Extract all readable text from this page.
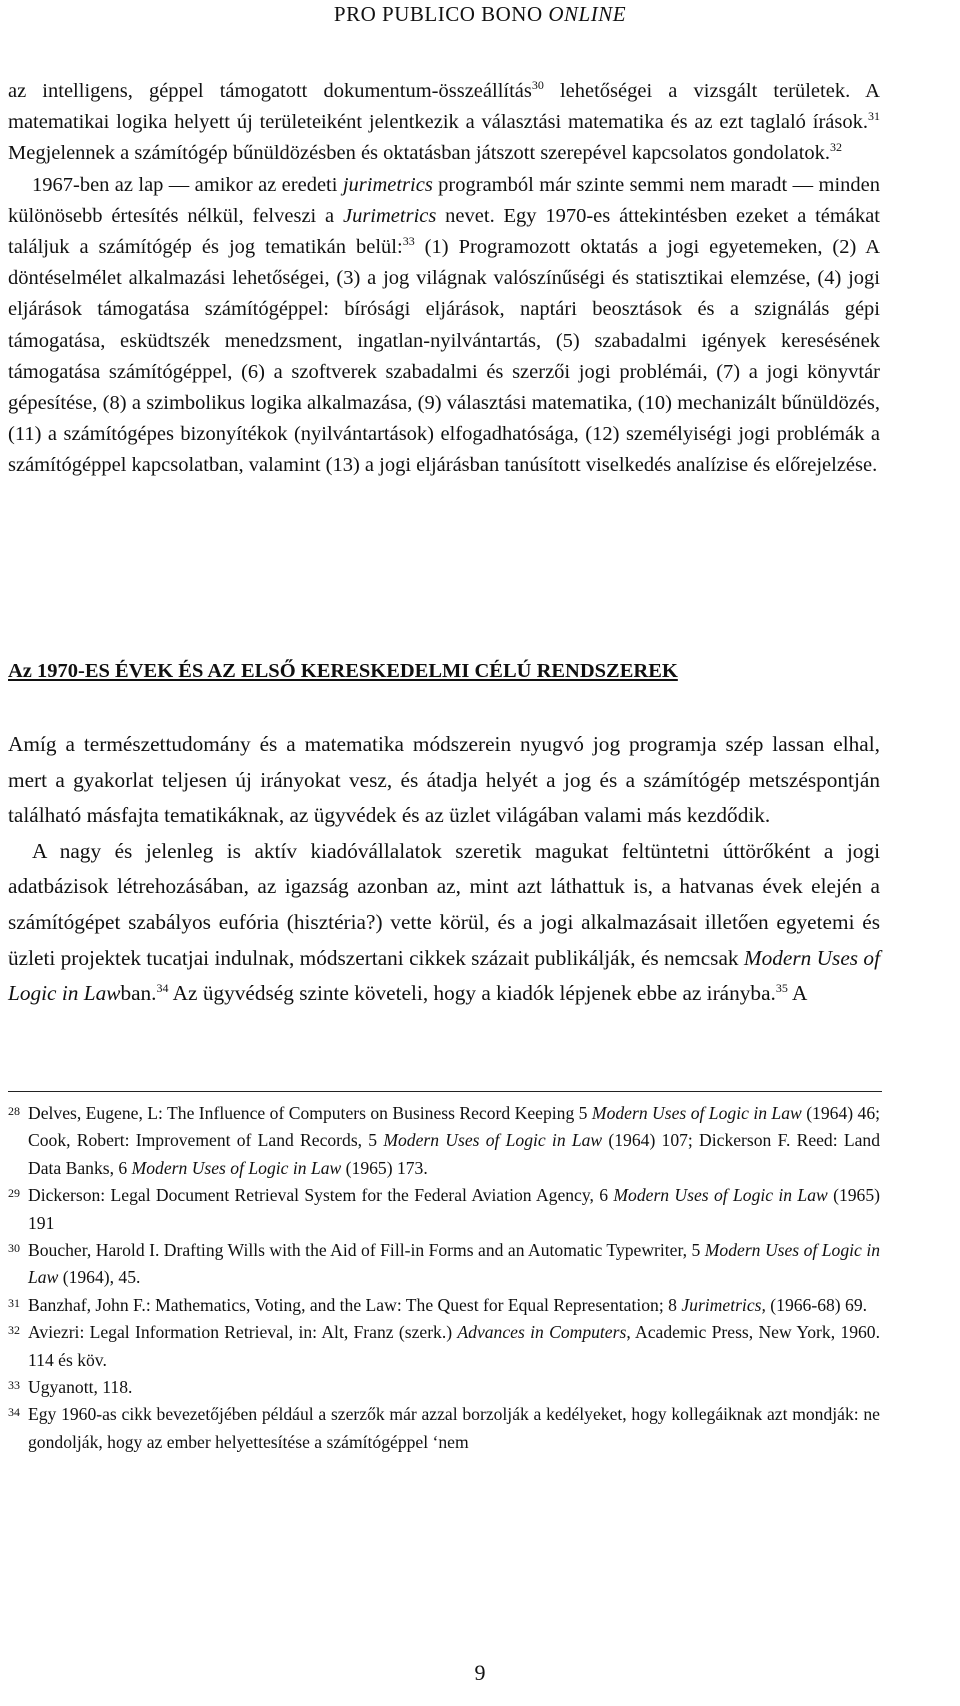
PRO PUBLICO BONO ONLINE

az intelligens, géppel támogatott dokumentum-összeállítás$^{30}$ lehetőségei a vizsgált területek. A matematikai logika helyett új területeiként jelentkezik a választási matematika és az ezt taglaló írások.$^{31}$ Megjelennek a számítógép bűnüldözésben és oktatásban játszott szerepével kapcsolatos gondolatok.$^{32}$

1967-ben az lap — amikor az eredeti jurimetrics programból már szinte semmi nem maradt — minden különösebb értesítés nélkül, felveszi a Jurimetrics nevet. Egy 1970-es áttekintésben ezeket a témákat találjuk a számítógép és jog tematikán belül:$^{33}$ (1) Programozott oktatás a jogi egyetemeken, (2) A döntéselmélet alkalmazási lehetőségei, (3) a jog világnak valószínűségi és statisztikai elemzése, (4) jogi eljárások támogatása számítógéppel: bírósági eljárások, naptári beosztások és a szignálás gépi támogatása, esküdtszék menedzsment, ingatlan-nyilvántartás, (5) szabadalmi igények keresésének támogatása számítógéppel, (6) a szoftverek szabadalmi és szerzői jogi problémái, (7) a jogi könyvtár gépesítése, (8) a szimbolikus logika alkalmazása, (9) választási matematika, (10) mechanizált bűnüldözés, (11) a számítógépes bizonyítékok (nyilvántartások) elfogadhatósága, (12) személyiségi jogi problémák a számítógéppel kapcsolatban, valamint (13) a jogi eljárásban tanúsított viselkedés analízise és előrejelzése.

Az 1970-ES ÉVEK ÉS AZ ELSŐ KERESKEDELMI CÉLÚ RENDSZEREK

Amíg a természettudomány és a matematika módszerein nyugvó jog programja szép lassan elhal, mert a gyakorlat teljesen új irányokat vesz, és átadja helyét a jog és a számítógép metszéspontján található másfajta tematikáknak, az ügyvédek és az üzlet világában valami más kezdődik.

A nagy és jelenleg is aktív kiadóvállalatok szeretik magukat feltüntetni úttörőként a jogi adatbázisok létrehozásában, az igazság azonban az, mint azt láthattuk is, a hatvanas évek elején a számítógépet szabályos eufória (hisztéria?) vette körül, és a jogi alkalmazásait illetően egyetemi és üzleti projektek tucatjai indulnak, módszertani cikkek százait publikálják, és nemcsak Modern Uses of Logic in Lawban.$^{34}$ Az ügyvédség szinte követeli, hogy a kiadók lépjenek ebbe az irányba.$^{35}$ A

28 Delves, Eugene, L: The Influence of Computers on Business Record Keeping 5 Modern Uses of Logic in Law (1964) 46; Cook, Robert: Improvement of Land Records, 5 Modern Uses of Logic in Law (1964) 107; Dickerson F. Reed: Land Data Banks, 6 Modern Uses of Logic in Law (1965) 173.

29 Dickerson: Legal Document Retrieval System for the Federal Aviation Agency, 6 Modern Uses of Logic in Law (1965) 191

30 Boucher, Harold I. Drafting Wills with the Aid of Fill-in Forms and an Automatic Typewriter, 5 Modern Uses of Logic in Law (1964), 45.

31 Banzhaf, John F.: Mathematics, Voting, and the Law: The Quest for Equal Representation; 8 Jurimetrics, (1966-68) 69.

32 Aviezri: Legal Information Retrieval, in: Alt, Franz (szerk.) Advances in Computers, Academic Press, New York, 1960. 114 és köv.

33 Ugyanott, 118.

34 Egy 1960-as cikk bevezetőjében például a szerzők már azzal borzolják a kedélyeket, hogy kollegáiknak azt mondják: ne gondolják, hogy az ember helyettesítése a számítógéppel ‘nem

9
